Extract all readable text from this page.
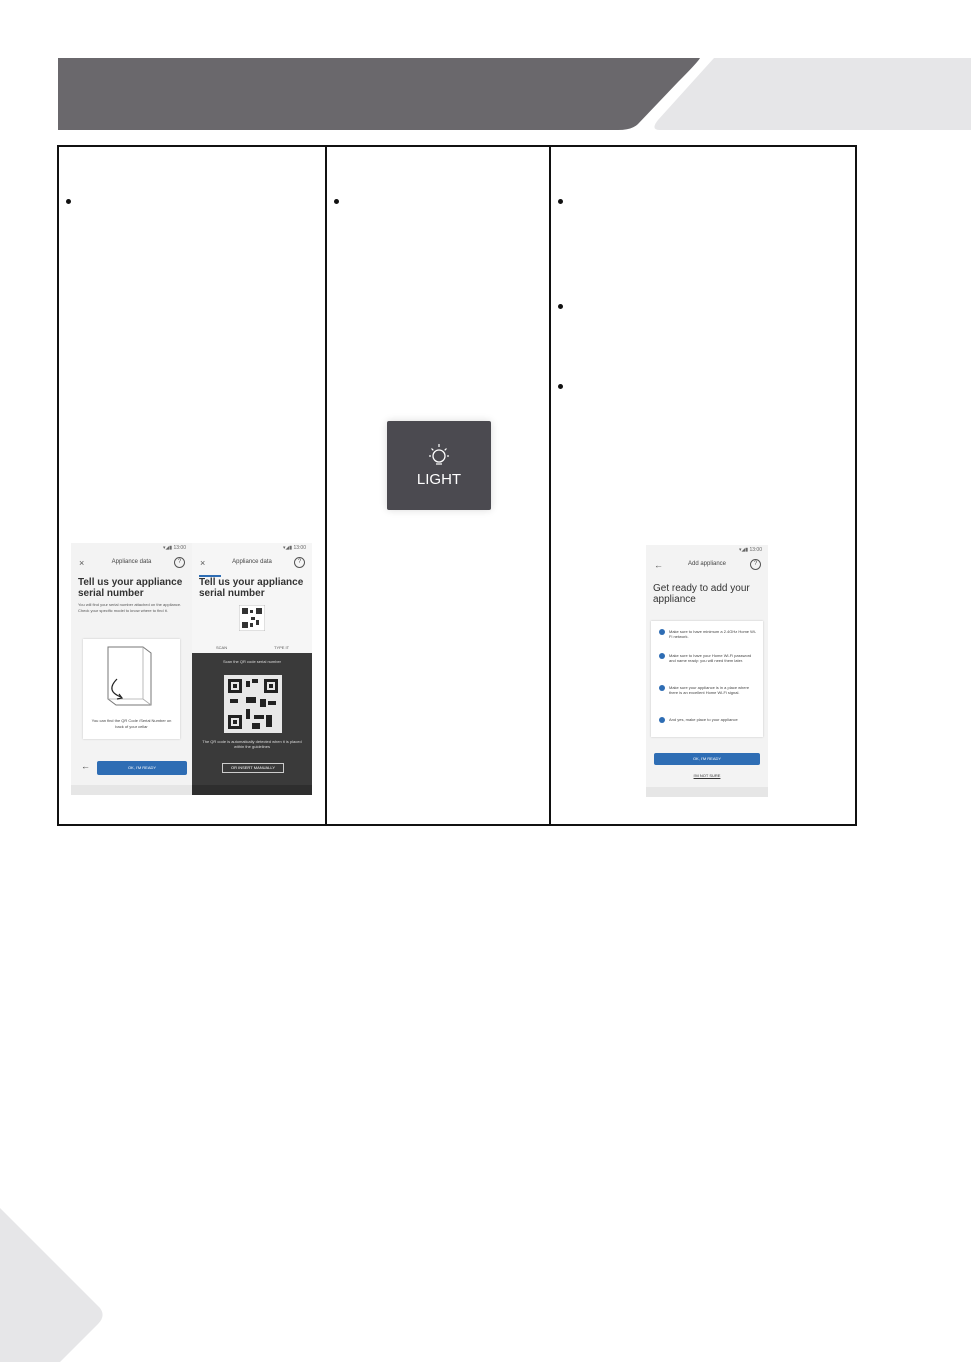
▾◢▮ 13:00
×	Appliance data	?
Tell us your appliance serial number
You will find your serial number attached on the appliance. Check your specific model to know where to find it.
You can find the QR Code /Serial Number on back of your cellar
←	OK, I'M READY
▾◢▮ 13:00
×	Appliance data	?
Tell us your appliance serial number
SCAN	TYPE IT
Scan the QR code serial number
The QR code is automatically detected when it is placed within the guidelines
OR INSERT MANUALLY
▾◢▮ 13:00
←	Add appliance	?
Get ready to add your appliance
Make sure to have minimum a 2.4GHz Home Wi-Fi network.
Make sure to have your Home Wi-Fi password and name ready: you will need them later.
Make sure your appliance is in a place where there is an excellent Home Wi-Fi signal.
And yes, make place to your appliance
OK, I'M READY
I'M NOT SURE
LIGHT
